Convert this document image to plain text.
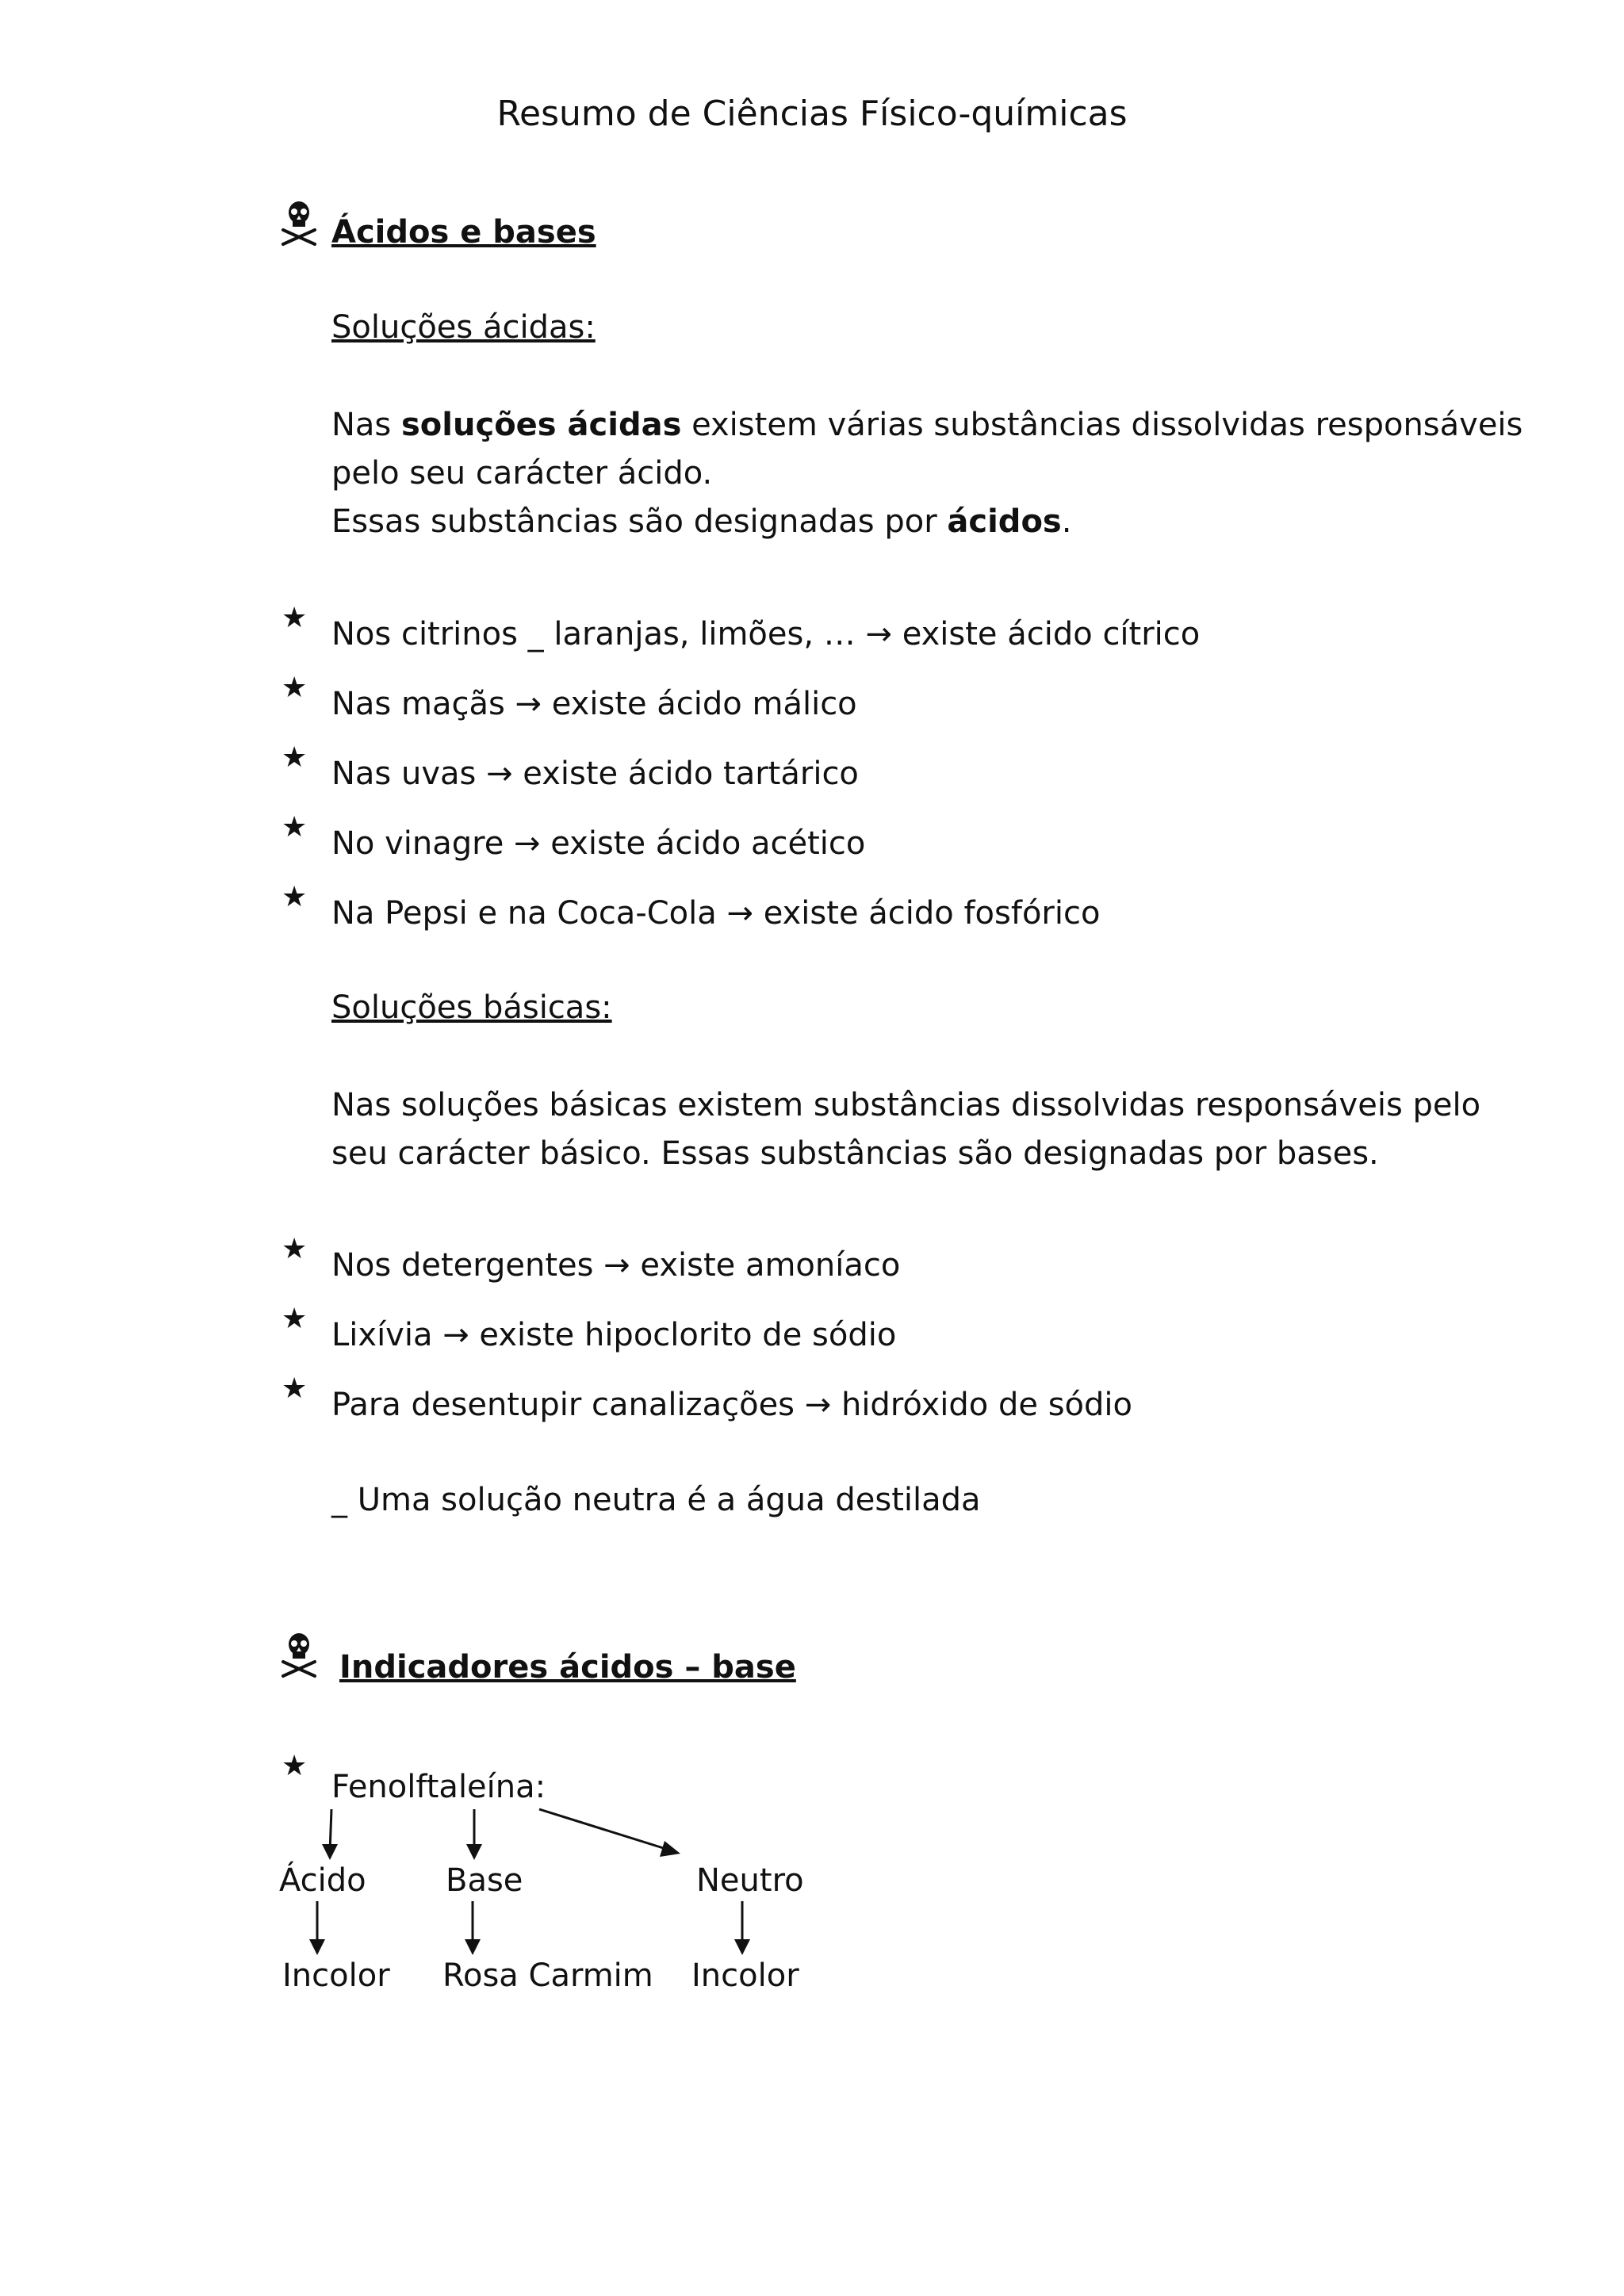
Resumo de Ciências Físico-químicas
Ácidos e bases
Soluções ácidas:
Nas soluções ácidas existem várias substâncias dissolvidas responsáveis
pelo seu carácter ácido.
Essas substâncias são designadas por ácidos.
★ Nos citrinos _ laranjas, limões, … → existe ácido cítrico
★ Nas maçãs → existe ácido málico
★ Nas uvas → existe ácido tartárico
★ No vinagre → existe ácido acético
★ Na Pepsi e na Coca-Cola → existe ácido fosfórico
Soluções básicas:
Nas soluções básicas existem substâncias dissolvidas responsáveis pelo
seu carácter básico. Essas substâncias são designadas por bases.
★ Nos detergentes → existe amoníaco
★ Lixívia → existe hipoclorito de sódio
★ Para desentupir canalizações → hidróxido de sódio
_ Uma solução neutra é a água destilada
Indicadores ácidos – base
★
Fenolftaleína:
Ácido	Base	Neutro
Incolor Rosa Carmim Incolor
